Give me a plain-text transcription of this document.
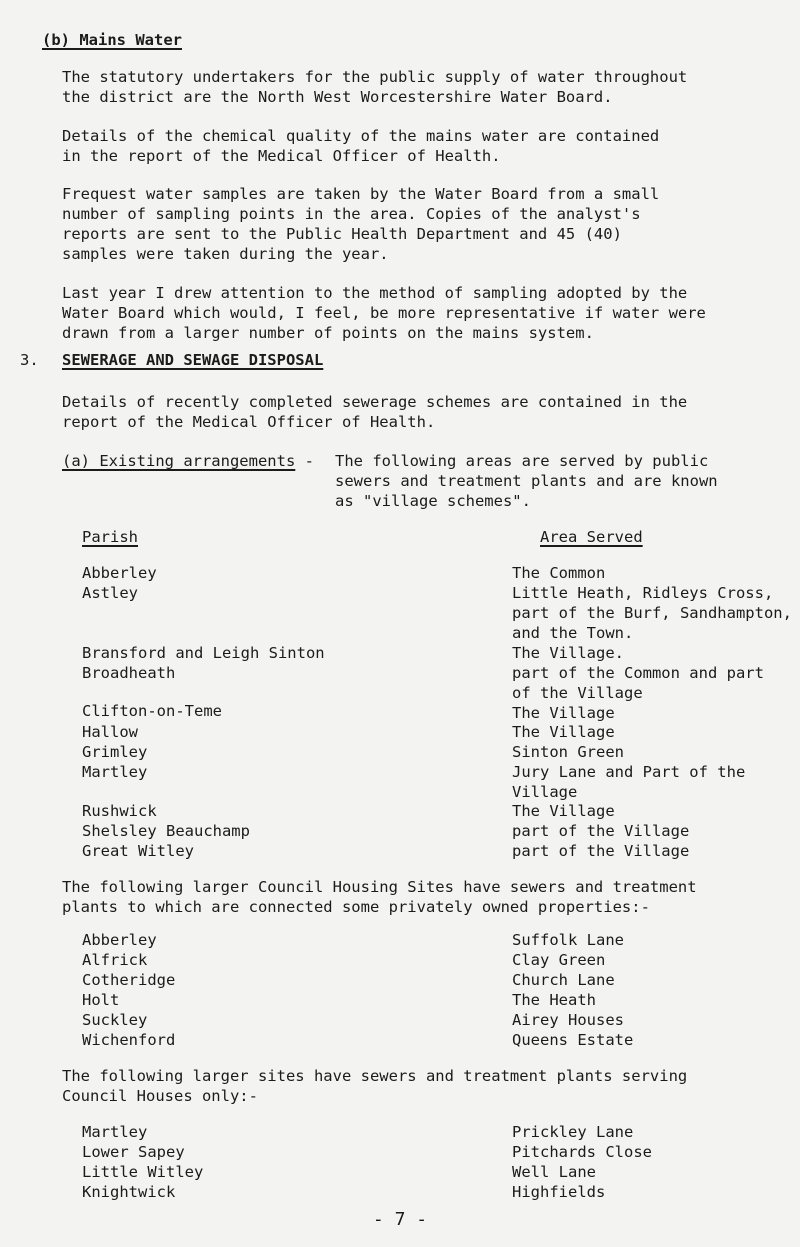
(b) Mains Water
The statutory undertakers for the public supply of water throughout
the district are the North West Worcestershire Water Board.
Details of the chemical quality of the mains water are contained
in the report of the Medical Officer of Health.
Frequest water samples are taken by the Water Board from a small
number of sampling points in the area. Copies of the analyst's
reports are sent to the Public Health Department and 45 (40)
samples were taken during the year.
Last year I drew attention to the method of sampling adopted by the
Water Board which would, I feel, be more representative if water were
drawn from a larger number of points on the mains system.
3. SEWERAGE AND SEWAGE DISPOSAL
Details of recently completed sewerage schemes are contained in the
report of the Medical Officer of Health.
(a) Existing arrangements - The following areas are served by public
sewers and treatment plants and are known
as "village schemes".
Parish	Area Served
Abberley	The Common
Astley	Little Heath, Ridleys Cross,
part of the Burf, Sandhampton,
and the Town.
Bransford and Leigh Sinton	The Village.
Broadheath	part of the Common and part
of the Village
Clifton-on-Teme	The Village
Hallow	The Village
Grimley	Sinton Green
Martley	Jury Lane and Part of the
Village
Rushwick	The Village
Shelsley Beauchamp	part of the Village
Great Witley	part of the Village
The following larger Council Housing Sites have sewers and treatment
plants to which are connected some privately owned properties:-
Abberley	Suffolk Lane
Alfrick	Clay Green
Cotheridge	Church Lane
Holt	The Heath
Suckley	Airey Houses
Wichenford	Queens Estate
The following larger sites have sewers and treatment plants serving
Council Houses only:-
Martley	Prickley Lane
Lower Sapey	Pitchards Close
Little Witley	Well Lane
Knightwick	Highfields
- 7 -
